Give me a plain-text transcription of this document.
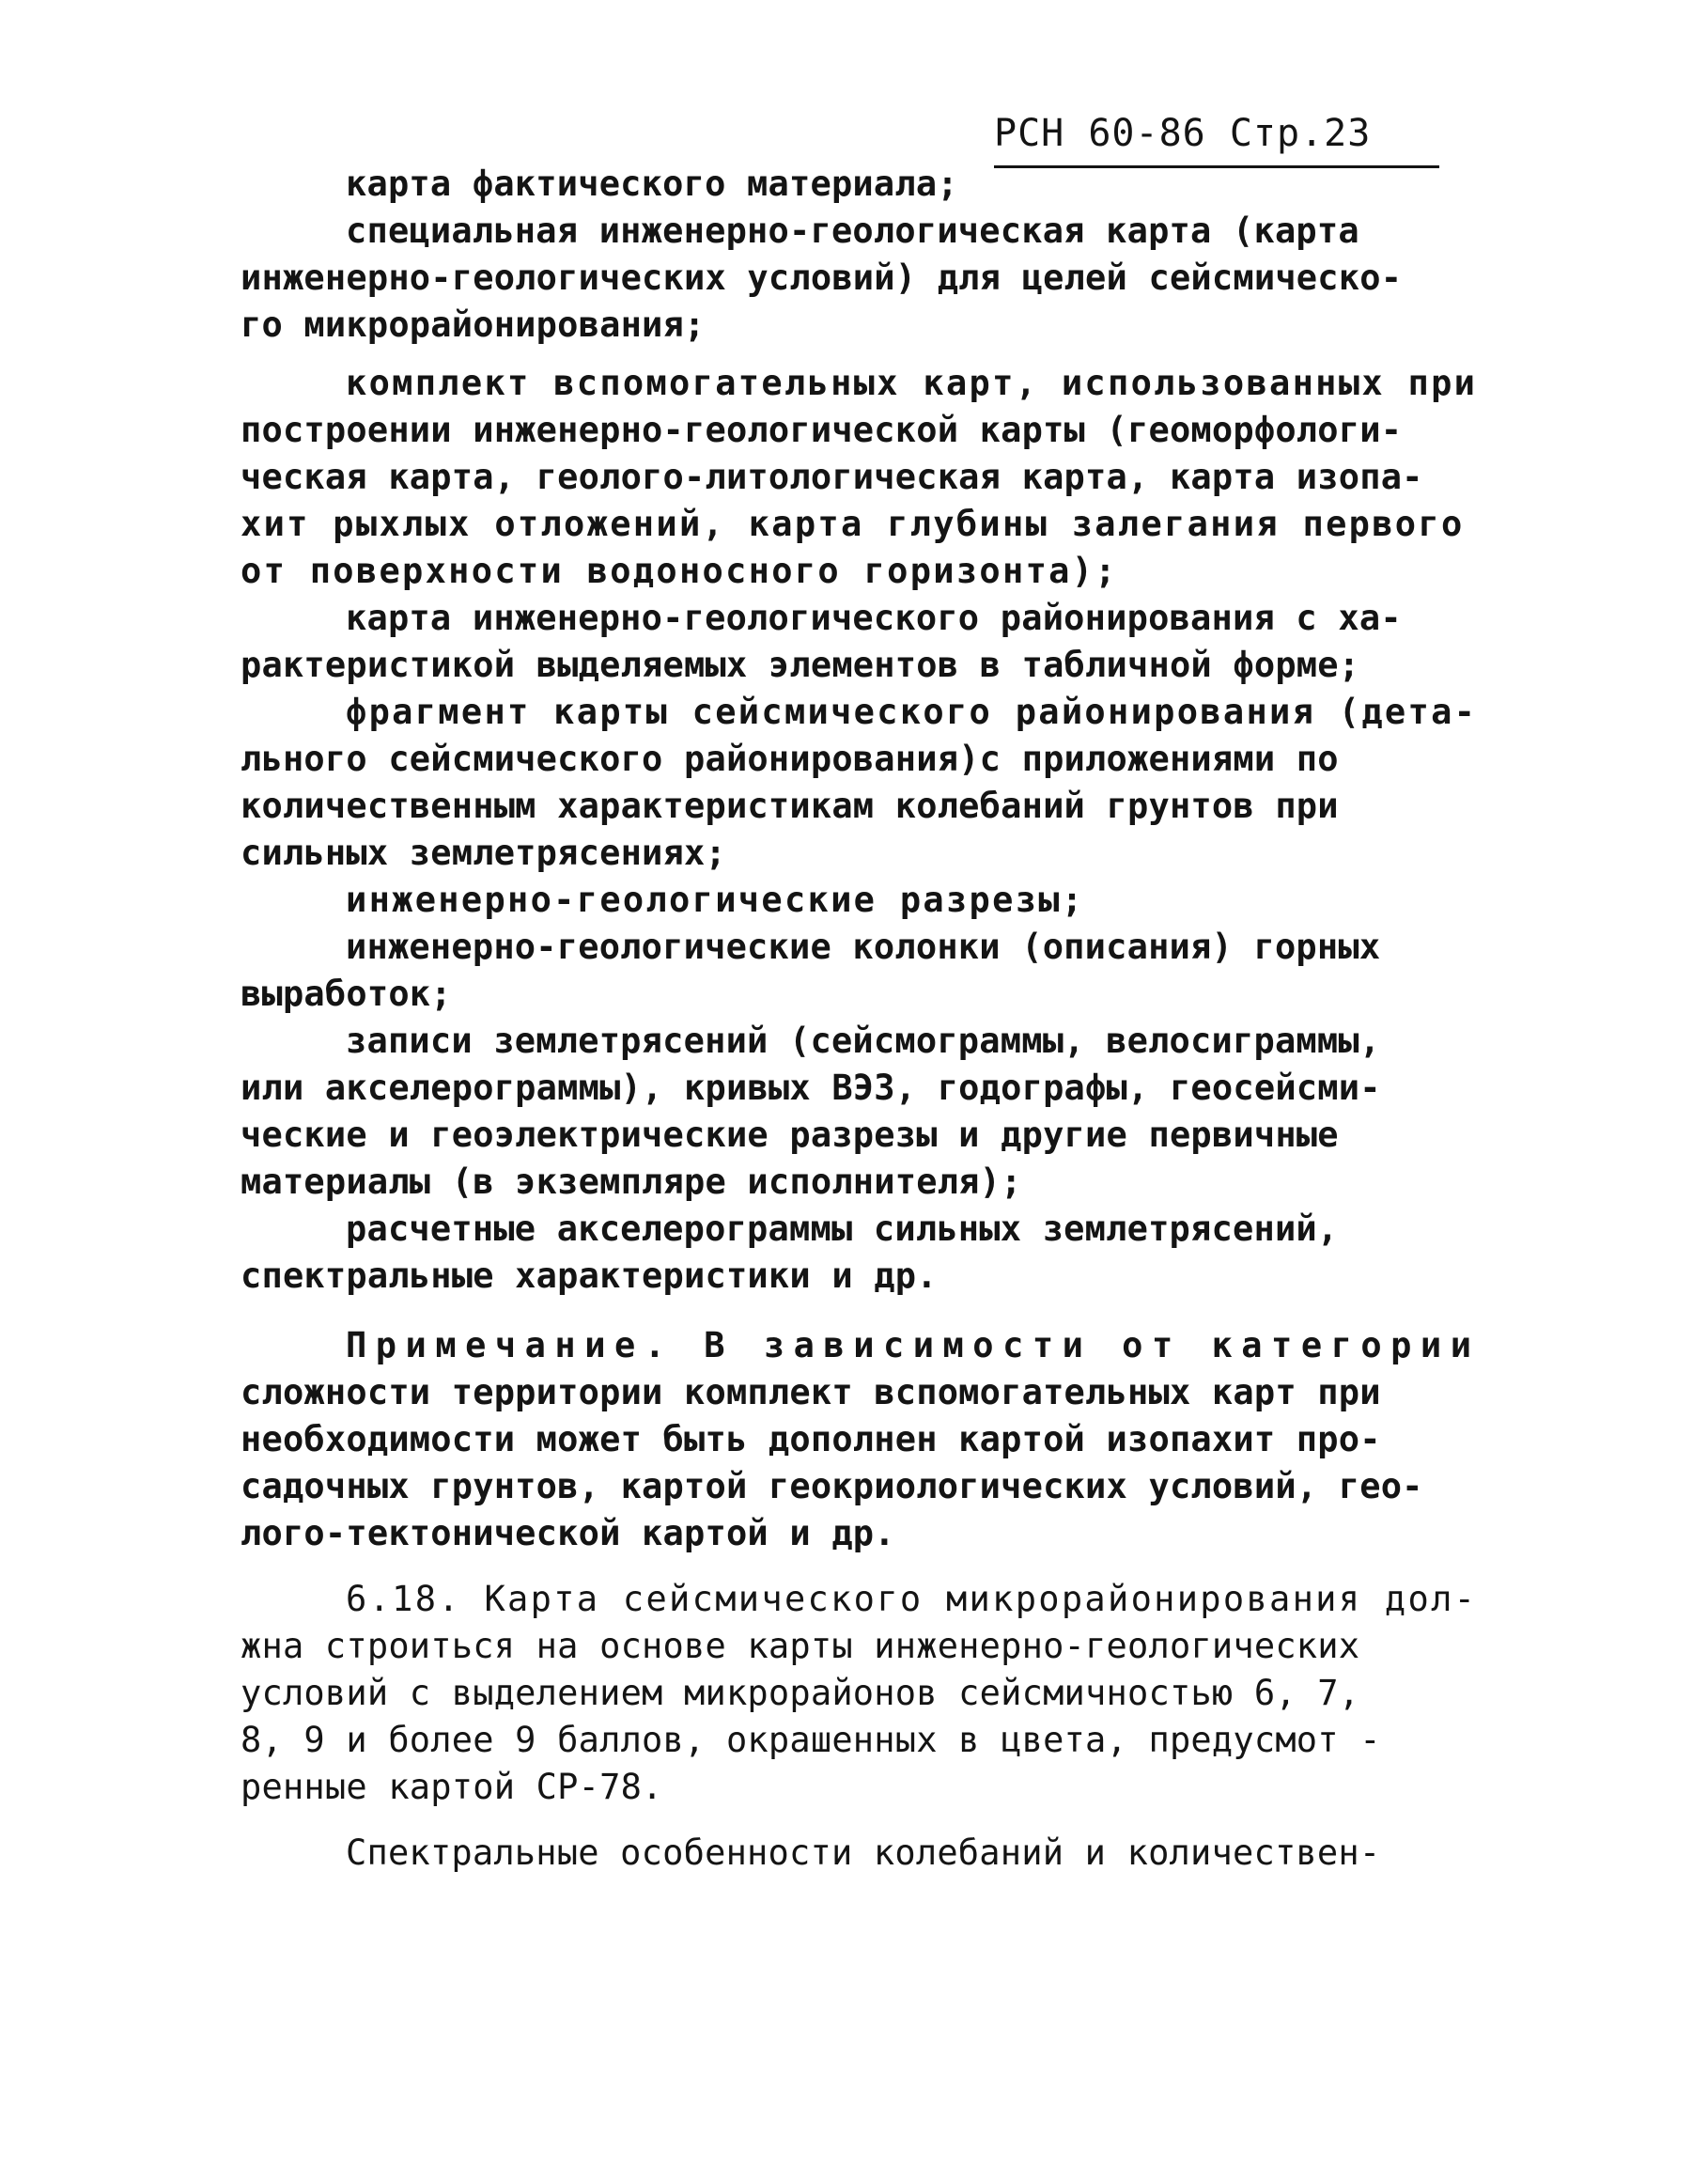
РСН 60-86 Стр.23
карта фактического материала;
специальная инженерно-геологическая карта (карта
инженерно-геологических условий) для целей сейсмическо-
го микрорайонирования;
комплект вспомогательных карт, использованных при
построении инженерно-геологической карты (геоморфологи-
ческая карта, геолого-литологическая карта, карта изопа-
хит рыхлых отложений, карта глубины залегания первого
от поверхности водоносного горизонта);
карта инженерно-геологического районирования с ха-
рактеристикой выделяемых элементов в табличной форме;
фрагмент карты сейсмического районирования (детa-
льного сейсмического районирования)с приложениями по
количественным характеристикам колебаний грунтов при
сильных землетрясениях;
инженерно-геологические разрезы;
инженерно-геологические колонки (описания) горных
выработок;
записи землетрясений (сейсмограммы, велосиграммы,
или акселерограммы), кривых ВЭЗ, годографы, геосейсми-
ческие и геоэлектрические разрезы и другие первичные
материалы (в экземпляре исполнителя);
расчетные акселерограммы сильных землетрясений,
спектральные характеристики и др.
Примечание. В зависимости от категории
сложности территории комплект вспомогательных карт при
необходимости может быть дополнен картой изопахит про-
садочных грунтов, картой геокриологических условий, гео-
лого-тектонической картой и др.
6.18. Карта сейсмического микрорайонирования дол-
жна строиться на основе карты инженерно-геологических
условий с выделением микрорайонов сейсмичностью 6, 7,
8, 9 и более 9 баллов, окрашенных в цвета, предусмот -
ренные картой СР-78.
Спектральные особенности колебаний и количествен-
